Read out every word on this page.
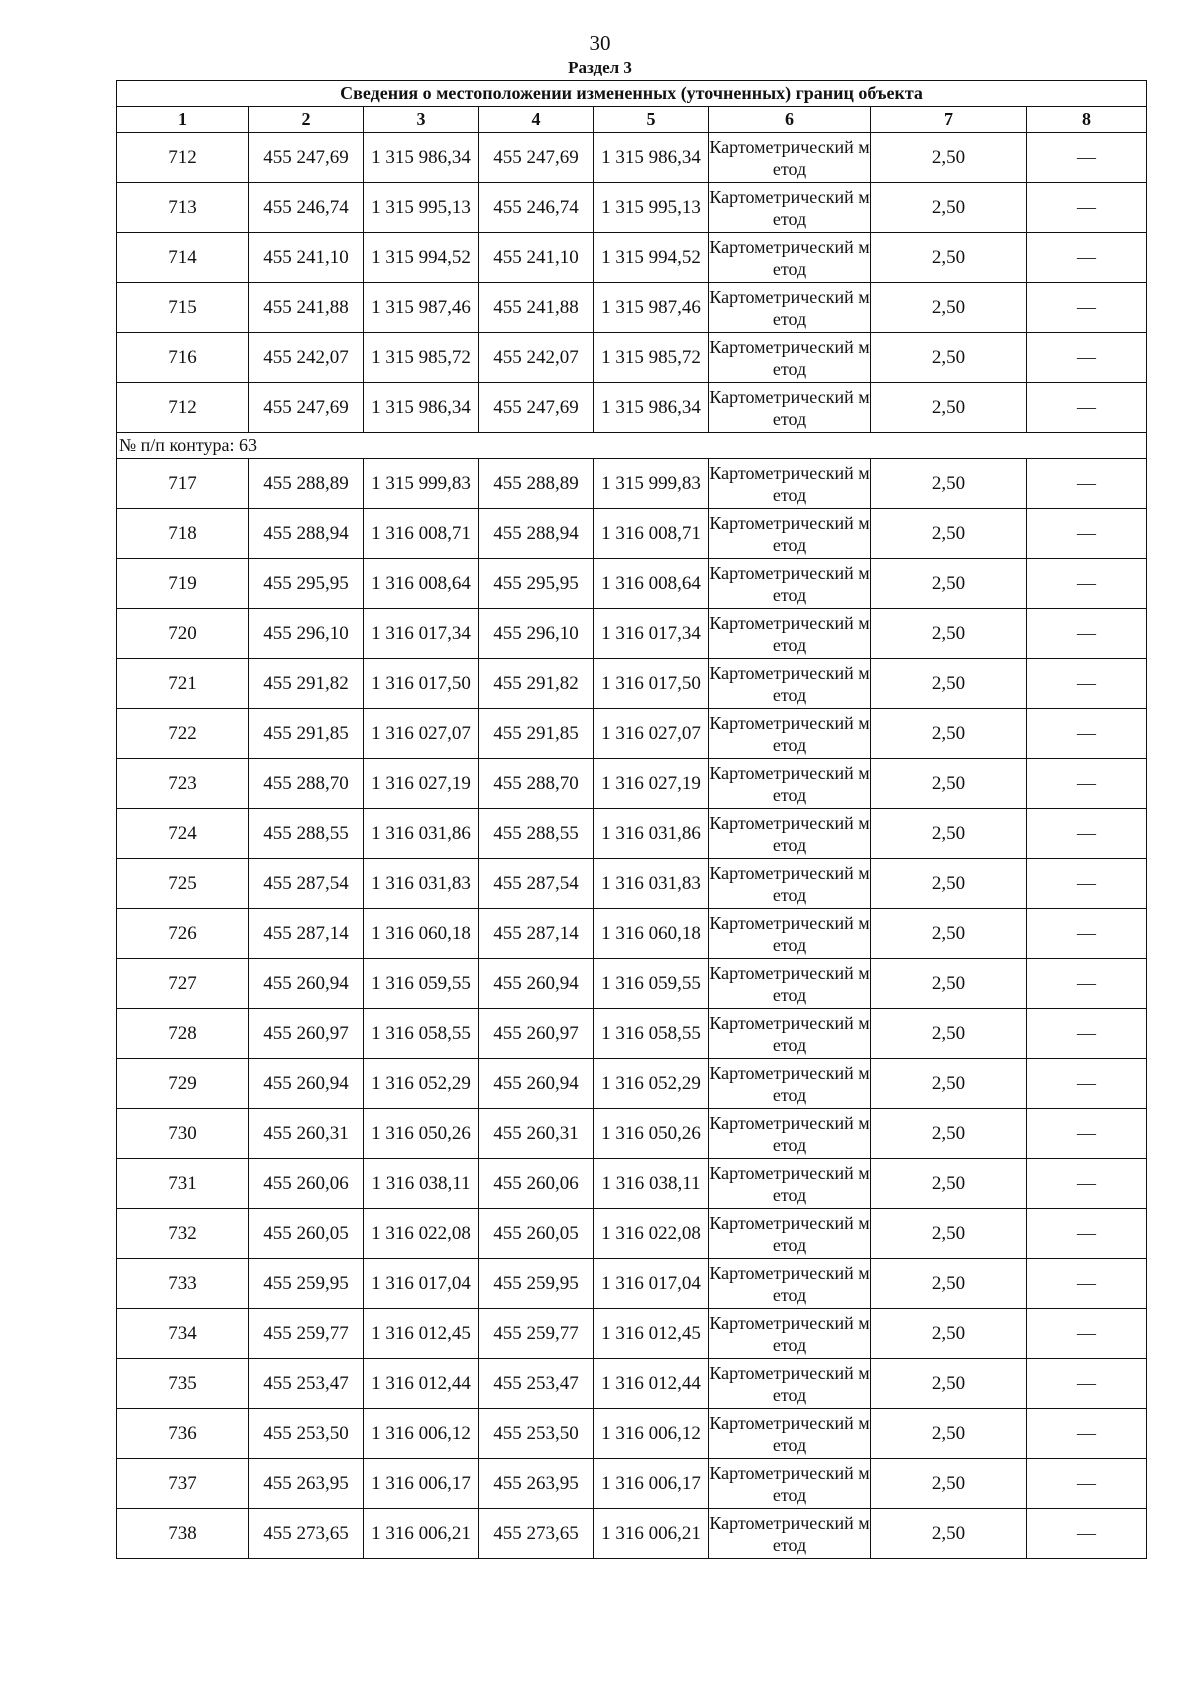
30
Раздел 3
Сведения о местоположении измененных (уточненных) границ объекта							
1	2	3	4	5	6	7	8
712	455 247,69	1 315 986,34	455 247,69	1 315 986,34	Картометрический метод	2,50	—
713	455 246,74	1 315 995,13	455 246,74	1 315 995,13	Картометрический метод	2,50	—
714	455 241,10	1 315 994,52	455 241,10	1 315 994,52	Картометрический метод	2,50	—
715	455 241,88	1 315 987,46	455 241,88	1 315 987,46	Картометрический метод	2,50	—
716	455 242,07	1 315 985,72	455 242,07	1 315 985,72	Картометрический метод	2,50	—
712	455 247,69	1 315 986,34	455 247,69	1 315 986,34	Картометрический метод	2,50	—
№ п/п контура: 63							
717	455 288,89	1 315 999,83	455 288,89	1 315 999,83	Картометрический метод	2,50	—
718	455 288,94	1 316 008,71	455 288,94	1 316 008,71	Картометрический метод	2,50	—
719	455 295,95	1 316 008,64	455 295,95	1 316 008,64	Картометрический метод	2,50	—
720	455 296,10	1 316 017,34	455 296,10	1 316 017,34	Картометрический метод	2,50	—
721	455 291,82	1 316 017,50	455 291,82	1 316 017,50	Картометрический метод	2,50	—
722	455 291,85	1 316 027,07	455 291,85	1 316 027,07	Картометрический метод	2,50	—
723	455 288,70	1 316 027,19	455 288,70	1 316 027,19	Картометрический метод	2,50	—
724	455 288,55	1 316 031,86	455 288,55	1 316 031,86	Картометрический метод	2,50	—
725	455 287,54	1 316 031,83	455 287,54	1 316 031,83	Картометрический метод	2,50	—
726	455 287,14	1 316 060,18	455 287,14	1 316 060,18	Картометрический метод	2,50	—
727	455 260,94	1 316 059,55	455 260,94	1 316 059,55	Картометрический метод	2,50	—
728	455 260,97	1 316 058,55	455 260,97	1 316 058,55	Картометрический метод	2,50	—
729	455 260,94	1 316 052,29	455 260,94	1 316 052,29	Картометрический метод	2,50	—
730	455 260,31	1 316 050,26	455 260,31	1 316 050,26	Картометрический метод	2,50	—
731	455 260,06	1 316 038,11	455 260,06	1 316 038,11	Картометрический метод	2,50	—
732	455 260,05	1 316 022,08	455 260,05	1 316 022,08	Картометрический метод	2,50	—
733	455 259,95	1 316 017,04	455 259,95	1 316 017,04	Картометрический метод	2,50	—
734	455 259,77	1 316 012,45	455 259,77	1 316 012,45	Картометрический метод	2,50	—
735	455 253,47	1 316 012,44	455 253,47	1 316 012,44	Картометрический метод	2,50	—
736	455 253,50	1 316 006,12	455 253,50	1 316 006,12	Картометрический метод	2,50	—
737	455 263,95	1 316 006,17	455 263,95	1 316 006,17	Картометрический метод	2,50	—
738	455 273,65	1 316 006,21	455 273,65	1 316 006,21	Картометрический метод	2,50	—
